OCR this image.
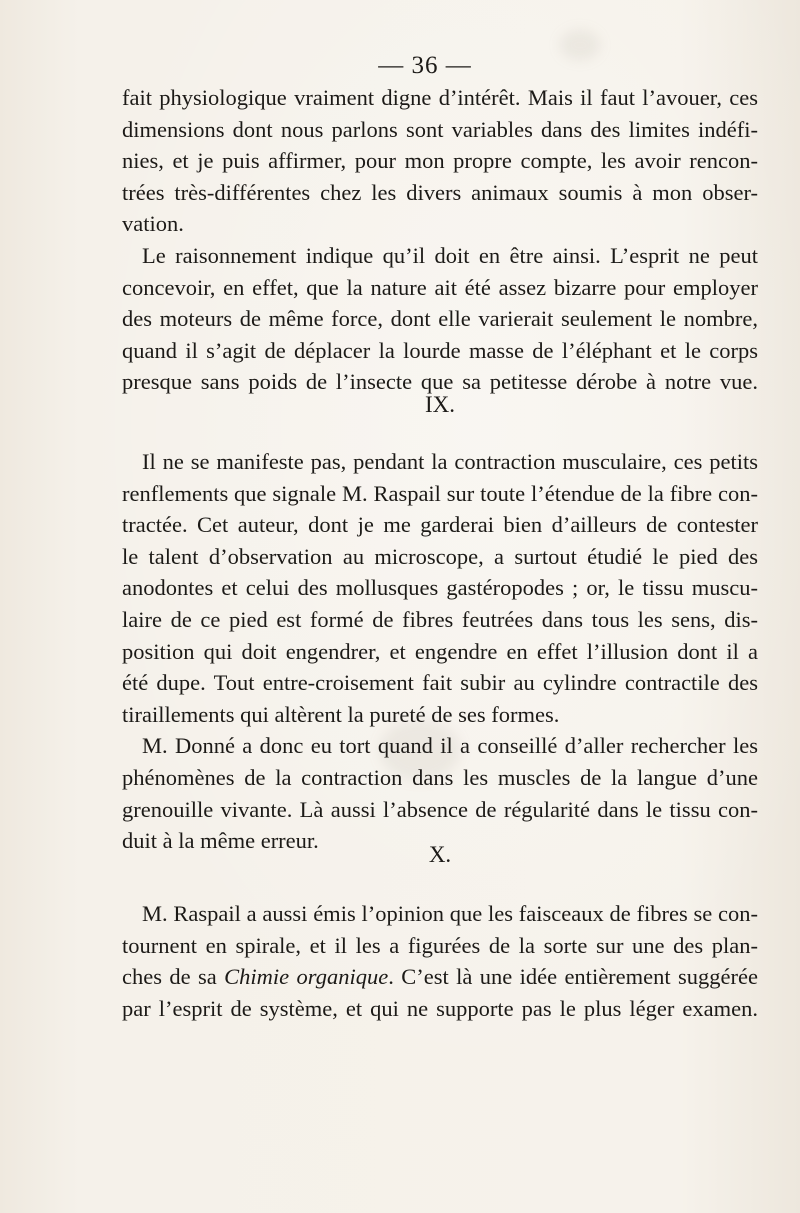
— 36 —
fait physiologique vraiment digne d’intérêt. Mais il faut l’avouer, ces
dimensions dont nous parlons sont variables dans des limites indéfi-
nies, et je puis affirmer, pour mon propre compte, les avoir rencon-
trées très-différentes chez les divers animaux soumis à mon obser-
vation.
Le raisonnement indique qu’il doit en être ainsi. L’esprit ne peut
concevoir, en effet, que la nature ait été assez bizarre pour employer
des moteurs de même force, dont elle varierait seulement le nombre,
quand il s’agit de déplacer la lourde masse de l’éléphant et le corps
presque sans poids de l’insecte que sa petitesse dérobe à notre vue.
IX.
Il ne se manifeste pas, pendant la contraction musculaire, ces petits
renflements que signale M. Raspail sur toute l’étendue de la fibre con-
tractée. Cet auteur, dont je me garderai bien d’ailleurs de contester
le talent d’observation au microscope, a surtout étudié le pied des
anodontes et celui des mollusques gastéropodes ; or, le tissu muscu-
laire de ce pied est formé de fibres feutrées dans tous les sens, dis-
position qui doit engendrer, et engendre en effet l’illusion dont il a
été dupe. Tout entre-croisement fait subir au cylindre contractile des
tiraillements qui altèrent la pureté de ses formes.
M. Donné a donc eu tort quand il a conseillé d’aller rechercher les
phénomènes de la contraction dans les muscles de la langue d’une
grenouille vivante. Là aussi l’absence de régularité dans le tissu con-
duit à la même erreur.
X.
M. Raspail a aussi émis l’opinion que les faisceaux de fibres se con-
tournent en spirale, et il les a figurées de la sorte sur une des plan-
ches de sa Chimie organique. C’est là une idée entièrement suggérée
par l’esprit de système, et qui ne supporte pas le plus léger examen.
